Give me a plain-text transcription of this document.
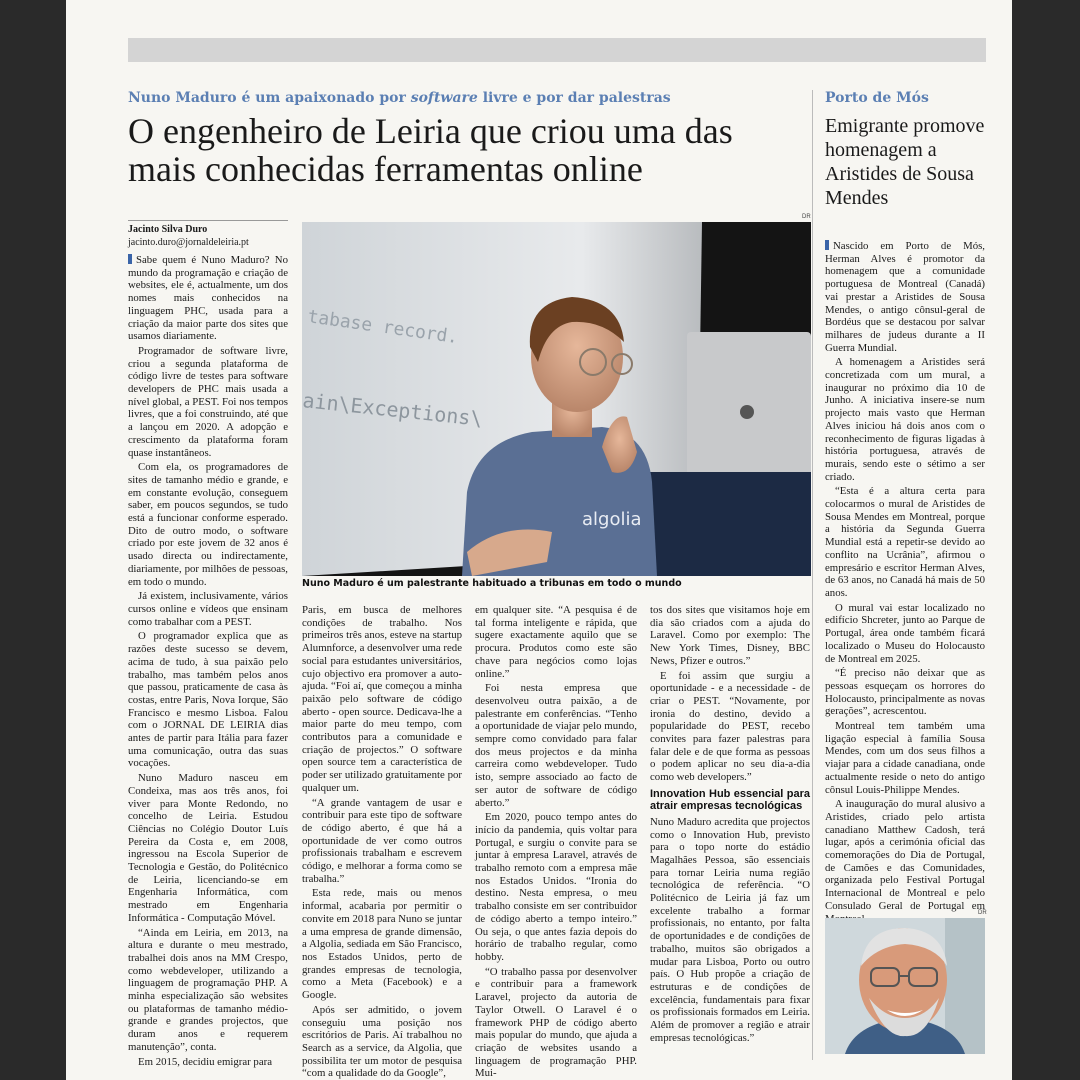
Nuno Maduro é um apaixonado por software livre e por dar palestras
O engenheiro de Leiria que criou uma das mais conhecidas ferramentas online
Jacinto Silva Duro
jacinto.duro@jornaldeleiria.pt

Sabe quem é Nuno Maduro? No mundo da programação e criação de websites, ele é, actualmente, um dos nomes mais conhecidos na linguagem PHC, usada para a criação da maior parte dos sites que usamos diariamente.

Programador de software livre, criou a segunda plataforma de código livre de testes para software developers de PHC mais usada a nível global, a PEST. Foi nos tempos livres, que a foi construindo, até que a lançou em 2020. A adopção e crescimento da plataforma foram quase instantâneos.

Com ela, os programadores de sites de tamanho médio e grande, e em constante evolução, conseguem saber, em poucos segundos, se tudo está a funcionar conforme esperado. Dito de outro modo, o software criado por este jovem de 32 anos é usado directa ou indirectamente, diariamente, por milhões de pessoas, em todo o mundo.

Já existem, inclusivamente, vários cursos online e vídeos que ensinam como trabalhar com a PEST.

O programador explica que as razões deste sucesso se devem, acima de tudo, à sua paixão pelo trabalho, mas também pelos anos que passou, praticamente de casa às costas, entre Paris, Nova Iorque, São Francisco e mesmo Lisboa. Falou com o JORNAL DE LEIRIA dias antes de partir para Itália para fazer uma comunicação, outra das suas vocações.

Nuno Maduro nasceu em Condeixa, mas aos três anos, foi viver para Monte Redondo, no concelho de Leiria. Estudou Ciências no Colégio Doutor Luís Pereira da Costa e, em 2008, ingressou na Escola Superior de Tecnologia e Gestão, do Politécnico de Leiria, licenciando-se em Engenharia Informática, com mestrado em Engenharia Informática - Computação Móvel.

“Ainda em Leiria, em 2013, na altura e durante o meu mestrado, trabalhei dois anos na MM Crespo, como webdeveloper, utilizando a linguagem de programação PHP. A minha especialização são websites ou plataformas de tamanho médio-grande e grandes projectos, que duram anos e requerem manutenção”, conta.

Em 2015, decidiu emigrar para

DR
tabase record.
ain\Exceptions\
algolia
Nuno Maduro é um palestrante habituado a tribunas em todo o mundo

Paris, em busca de melhores condições de trabalho. Nos primeiros três anos, esteve na startup Alumnforce, a desenvolver uma rede social para estudantes universitários, cujo objectivo era promover a auto-ajuda. “Foi aí, que começou a minha paixão pelo software de código aberto - open source. Dedicava-lhe a maior parte do meu tempo, com contributos para a comunidade e criação de projectos.” O software open source tem a característica de poder ser utilizado gratuitamente por qualquer um.

“A grande vantagem de usar e contribuir para este tipo de software de código aberto, é que há a oportunidade de ver como outros profissionais trabalham e escrevem código, e melhorar a forma como se trabalha.”

Esta rede, mais ou menos informal, acabaria por permitir o convite em 2018 para Nuno se juntar a uma empresa de grande dimensão, a Algolia, sediada em São Francisco, nos Estados Unidos, perto de grandes empresas de tecnologia, como a Meta (Facebook) e a Google.

Após ser admitido, o jovem conseguiu uma posição nos escritórios de Paris. Aí trabalhou no Search as a service, da Algolia, que possibilita ter um motor de pesquisa “com a qualidade do da Google”,

em qualquer site. “A pesquisa é de tal forma inteligente e rápida, que sugere exactamente aquilo que se procura. Produtos como este são chave para negócios como lojas online.”

Foi nesta empresa que desenvolveu outra paixão, a de palestrante em conferências. “Tenho a oportunidade de viajar pelo mundo, sempre como convidado para falar dos meus projectos e da minha carreira como webdeveloper. Tudo isto, sempre associado ao facto de ser autor de software de código aberto.”

Em 2020, pouco tempo antes do início da pandemia, quis voltar para Portugal, e surgiu o convite para se juntar à empresa Laravel, através de trabalho remoto com a empresa mãe nos Estados Unidos. “Ironia do destino. Nesta empresa, o meu trabalho consiste em ser contribuidor de código aberto a tempo inteiro.” Ou seja, o que antes fazia depois do horário de trabalho regular, como hobby.

“O trabalho passa por desenvolver e contribuir para a framework Laravel, projecto da autoria de Taylor Otwell. O Laravel é o framework PHP de código aberto mais popular do mundo, que ajuda a criação de websites usando a linguagem de programação PHP. Mui-

tos dos sites que visitamos hoje em dia são criados com a ajuda do Laravel. Como por exemplo: The New York Times, Disney, BBC News, Pfizer e outros.”

E foi assim que surgiu a oportunidade - e a necessidade - de criar o PEST. “Novamente, por ironia do destino, devido a popularidade do PEST, recebo convites para fazer palestras para falar dele e de que forma as pessoas o podem aplicar no seu dia-a-dia como web developers.”

Innovation Hub essencial para atrair empresas tecnológicas

Nuno Maduro acredita que projectos como o Innovation Hub, previsto para o topo norte do estádio Magalhães Pessoa, são essenciais para tornar Leiria numa região tecnológica de referência. “O Politécnico de Leiria já faz um excelente trabalho a formar profissionais, no entanto, por falta de oportunidades e de condições de trabalho, muitos são obrigados a mudar para Lisboa, Porto ou outro país. O Hub propõe a criação de estruturas e de condições de excelência, fundamentais para fixar os profissionais formados em Leiria. Além de promover a região e atrair empresas tecnológicas.”

Porto de Mós
Emigrante promove homenagem a Aristides de Sousa Mendes

Nascido em Porto de Mós, Herman Alves é promotor da homenagem que a comunidade portuguesa de Montreal (Canadá) vai prestar a Aristides de Sousa Mendes, o antigo cônsul-geral de Bordéus que se destacou por salvar milhares de judeus durante a II Guerra Mundial.

A homenagem a Aristides será concretizada com um mural, a inaugurar no próximo dia 10 de Junho. A iniciativa insere-se num projecto mais vasto que Herman Alves iniciou há dois anos com o reconhecimento de figuras ligadas à história portuguesa, através de murais, sendo este o sétimo a ser criado.

“Esta é a altura certa para colocarmos o mural de Aristides de Sousa Mendes em Montreal, porque a história da Segunda Guerra Mundial está a repetir-se devido ao conflito na Ucrânia”, afirmou o empresário e escritor Herman Alves, de 63 anos, no Canadá há mais de 50 anos.

O mural vai estar localizado no edifício Shcreter, junto ao Parque de Portugal, área onde também ficará localizado o Museu do Holocausto de Montreal em 2025.

“É preciso não deixar que as pessoas esqueçam os horrores do Holocausto, principalmente as novas gerações”, acrescentou.

Montreal tem também uma ligação especial à família Sousa Mendes, com um dos seus filhos a viajar para a cidade canadiana, onde actualmente reside o neto do antigo cônsul Louis-Philippe Mendes.

A inauguração do mural alusivo a Aristides, criado pelo artista canadiano Matthew Cadosh, terá lugar, após a cerimónia oficial das comemorações do Dia de Portugal, de Camões e das Comunidades, organizada pelo Festival Portugal Internacional de Montreal e pelo Consulado Geral de Portugal em

DR
